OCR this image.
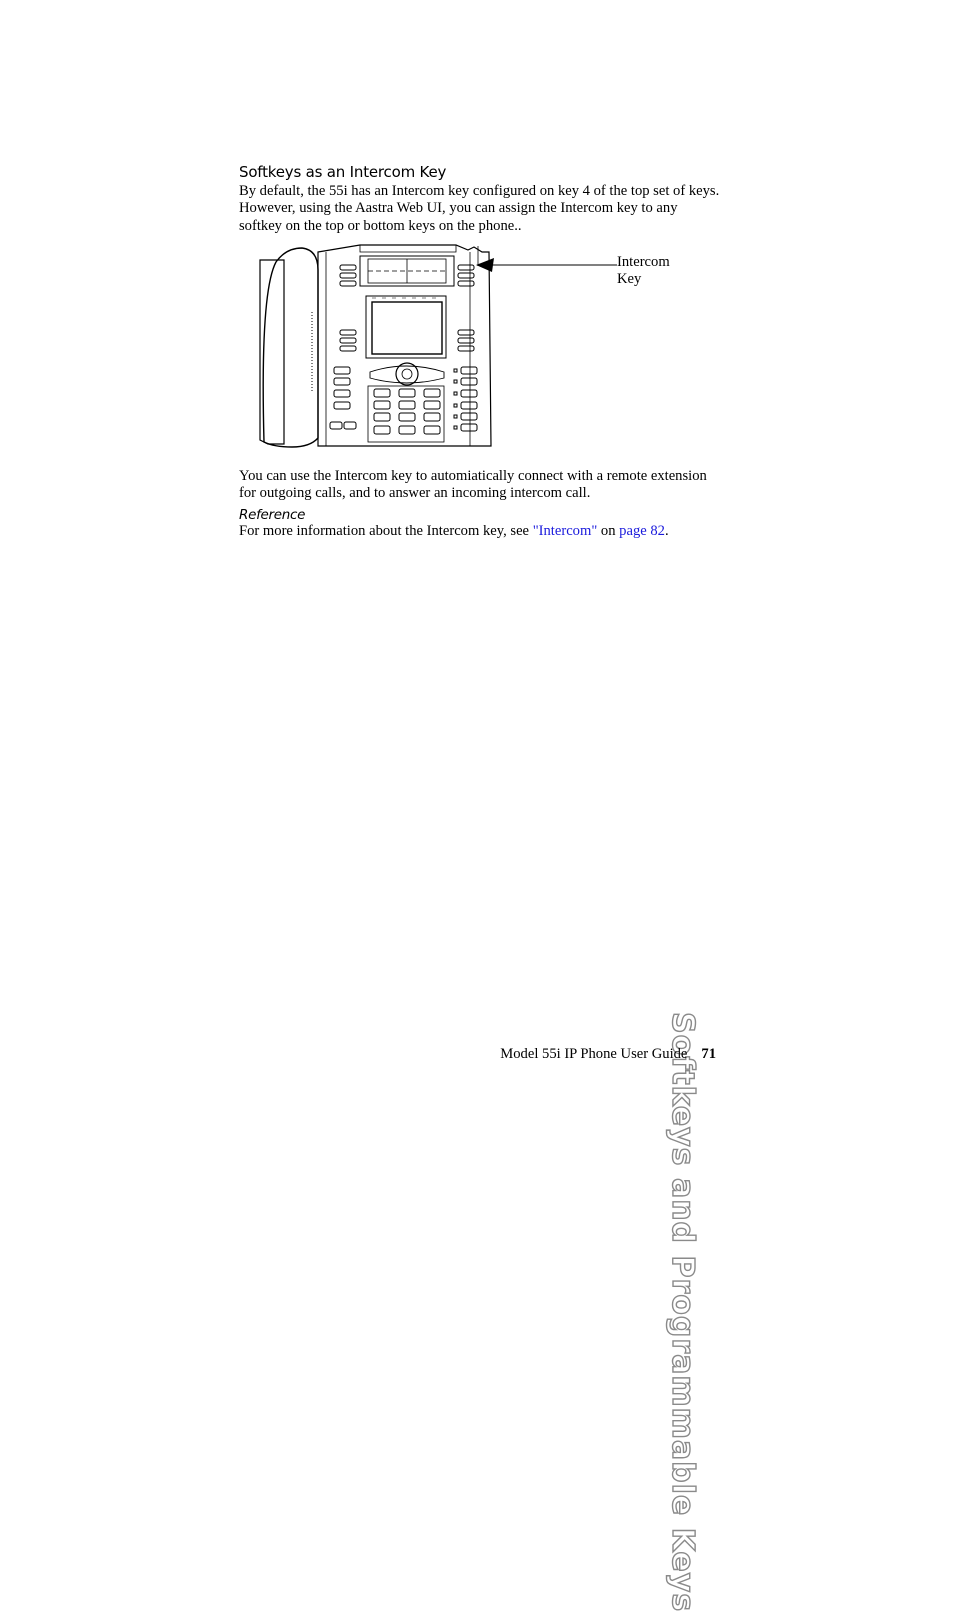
Softkeys as an Intercom Key
By default, the 55i has an Intercom key configured on key 4 of the top set of keys. However, using the Aastra Web UI, you can assign the Intercom key to any softkey on the top or bottom keys on the phone..
Intercom
Key
You can use the Intercom key to automiatically connect with a remote extension for outgoing calls, and to answer an incoming intercom call.
Reference
For more information about the Intercom key, see "Intercom" on page 82.
Softkeys and Programmable Keys
Model 55i IP Phone User Guide 71
